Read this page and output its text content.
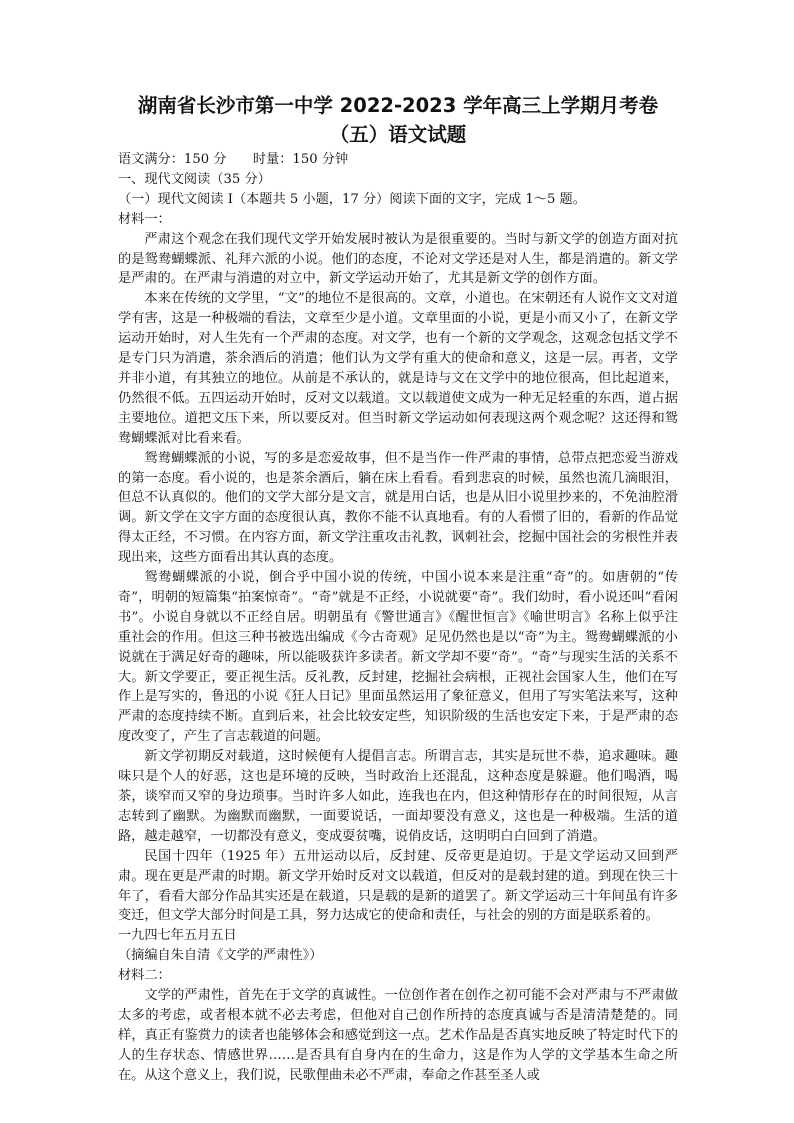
湖南省长沙市第一中学 2022-2023 学年高三上学期月考卷

（五）语文试题

语文满分：150 分　　时量：150 分钟

一、现代文阅读（35 分）

（一）现代文阅读 I（本题共 5 小题，17 分）阅读下面的文字，完成 1～5 题。

材料一：

严肃这个观念在我们现代文学开始发展时被认为是很重要的。当时与新文学的创造方面对抗的是鸳鸯蝴蝶派、礼拜六派的小说。他们的态度，不论对文学还是对人生，都是消遣的。新文学是严肃的。在严肃与消遣的对立中，新文学运动开始了，尤其是新文学的创作方面。

本来在传统的文学里，“文”的地位不是很高的。文章，小道也。在宋朝还有人说作文文对道学有害，这是一种极端的看法，文章至少是小道。文章里面的小说，更是小而又小了，在新文学运动开始时，对人生先有一个严肃的态度。对文学，也有一个新的文学观念，这观念包括文学不是专门只为消遣，茶余酒后的消遣；他们认为文学有重大的使命和意义，这是一层。再者，文学并非小道，有其独立的地位。从前是不承认的，就是诗与文在文学中的地位很高，但比起道来，仍然很不低。五四运动开始时，反对文以载道。文以载道使文成为一种无足轻重的东西，道占据主要地位。道把文压下来，所以要反对。但当时新文学运动如何表现这两个观念呢？这还得和鸳鸯蝴蝶派对比看来看。

鸳鸯蝴蝶派的小说，写的多是恋爱故事，但不是当作一件严肃的事情，总带点把恋爱当游戏的第一态度。看小说的，也是茶余酒后，躺在床上看看。看到悲哀的时候，虽然也流几滴眼泪，但总不认真似的。他们的文学大部分是文言，就是用白话，也是从旧小说里抄来的，不免油腔滑调。新文学在文字方面的态度很认真，教你不能不认真地看。有的人看惯了旧的，看新的作品觉得太正经，不习惯。在内容方面，新文学注重攻击礼教，讽刺社会，挖掘中国社会的劣根性并表现出来，这些方面看出其认真的态度。

鸳鸯蝴蝶派的小说，倒合乎中国小说的传统，中国小说本来是注重“奇”的。如唐朝的“传奇”，明朝的短篇集“拍案惊奇”。“奇”就是不正经，小说就要“奇”。我们幼时，看小说还叫“看闲书”。小说自身就以不正经自居。明朝虽有《警世通言》《醒世恒言》《喻世明言》名称上似乎注重社会的作用。但这三种书被选出编成《今古奇观》足见仍然也是以“奇”为主。鸳鸯蝴蝶派的小说就在于满足好奇的趣味，所以能吸获许多读者。新文学却不要“奇”。“奇”与现实生活的关系不大。新文学要正，要正视生活。反礼教，反封建，挖掘社会病根，正视社会国家人生，他们在写作上是写实的，鲁迅的小说《狂人日记》里面虽然运用了象征意义，但用了写实笔法来写，这种严肃的态度持续不断。直到后来，社会比较安定些，知识阶级的生活也安定下来，于是严肃的态度改变了，产生了言志载道的问题。

新文学初期反对载道，这时候便有人提倡言志。所谓言志，其实是玩世不恭，追求趣味。趣味只是个人的好恶，这也是环境的反映，当时政治上还混乱，这种态度是躲避。他们喝酒，喝茶，谈窄而又窄的身边琐事。当时许多人如此，连我也在内，但这种情形存在的时间很短，从言志转到了幽默。为幽默而幽默，一面要说话，一面却要没有意义，这也是一种极端。生活的道路，越走越窄，一切都没有意义，变成耍贫嘴，说俏皮话，这明明白白回到了消遣。

民国十四年（1925 年）五卅运动以后，反封建、反帝更是迫切。于是文学运动又回到严肃。现在更是严肃的时期。新文学开始时反对文以载道，但反对的是载封建的道。到现在快三十年了，看看大部分作品其实还是在载道，只是载的是新的道罢了。新文学运动三十年间虽有许多变迁，但文学大部分时间是工具，努力达成它的使命和责任，与社会的别的方面是联系着的。

一九四七年五月五日

（摘编自朱自清《文学的严肃性》）

材料二：

文学的严肃性，首先在于文学的真诚性。一位创作者在创作之初可能不会对严肃与不严肃做太多的考虑，或者根本就不必去考虑，但他对自己创作所持的态度真诚与否是清清楚楚的。同样，真正有鉴赏力的读者也能够体会和感觉到这一点。艺术作品是否真实地反映了特定时代下的人的生存状态、情感世界……是否具有自身内在的生命力，这是作为人学的文学基本生命之所在。从这个意义上，我们说，民歌俚曲未必不严肃，奉命之作甚至圣人或
